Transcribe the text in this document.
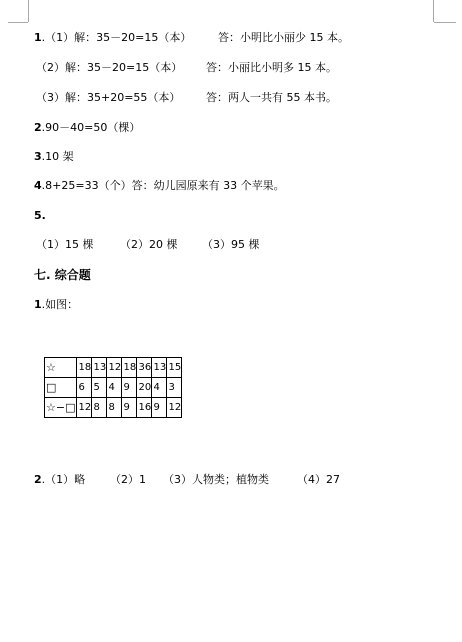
1.（1）解：35－20=15（本） 答：小明比小丽少 15 本。
（2）解：35－20=15（本） 答：小丽比小明多 15 本。
（3）解：35+20=55（本） 答：两人一共有 55 本书。
2.90－40=50（棵）
3.10 架
4.8+25=33（个）答：幼儿园原来有 33 个苹果。
5.
（1）15 棵 （2）20 棵 （3）95 棵
七. 综合题
1.如图：
☆	18	13	12	18	36	13	15
□	6	5	4	9	20	4	3
☆−□	12	8	8	9	16	9	12
2.（1）略 （2）1 （3）人物类；植物类	（4）27
